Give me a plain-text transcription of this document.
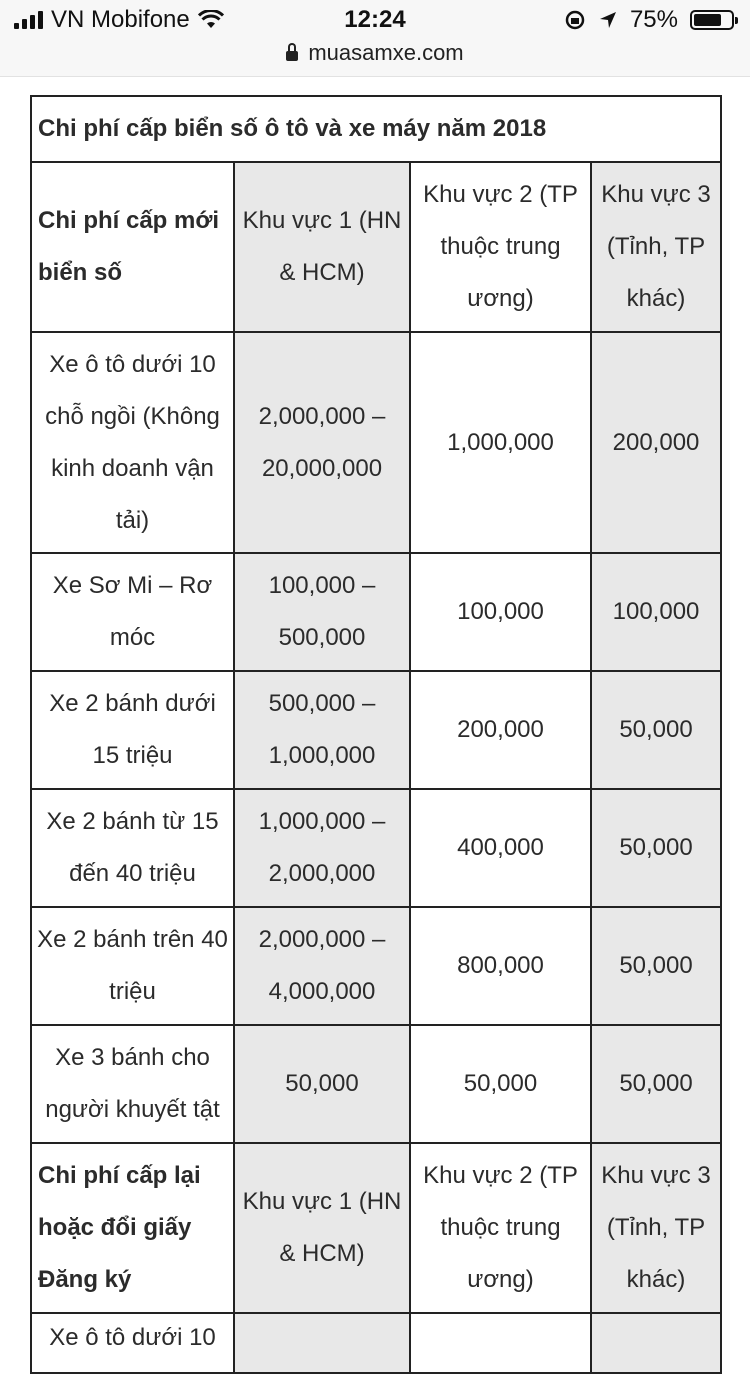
VN Mobifone	12:24	75%
muasamxe.com
Chi phí cấp biển số ô tô và xe máy năm 2018			
Chi phí cấp mới biển số	Khu vực 1 (HN & HCM)	Khu vực 2 (TP thuộc trung ương)	Khu vực 3 (Tỉnh, TP khác)
Xe ô tô dưới 10 chỗ ngồi (Không kinh doanh vận tải)	2,000,000 – 20,000,000	1,000,000	200,000
Xe Sơ Mi – Rơ móc	100,000 – 500,000	100,000	100,000
Xe 2 bánh dưới 15 triệu	500,000 – 1,000,000	200,000	50,000
Xe 2 bánh từ 15 đến 40 triệu	1,000,000 – 2,000,000	400,000	50,000
Xe 2 bánh trên 40 triệu	2,000,000 – 4,000,000	800,000	50,000
Xe 3 bánh cho người khuyết tật	50,000	50,000	50,000
Chi phí cấp lại hoặc đổi giấy Đăng ký	Khu vực 1 (HN & HCM)	Khu vực 2 (TP thuộc trung ương)	Khu vực 3 (Tỉnh, TP khác)
Xe ô tô dưới 10			
